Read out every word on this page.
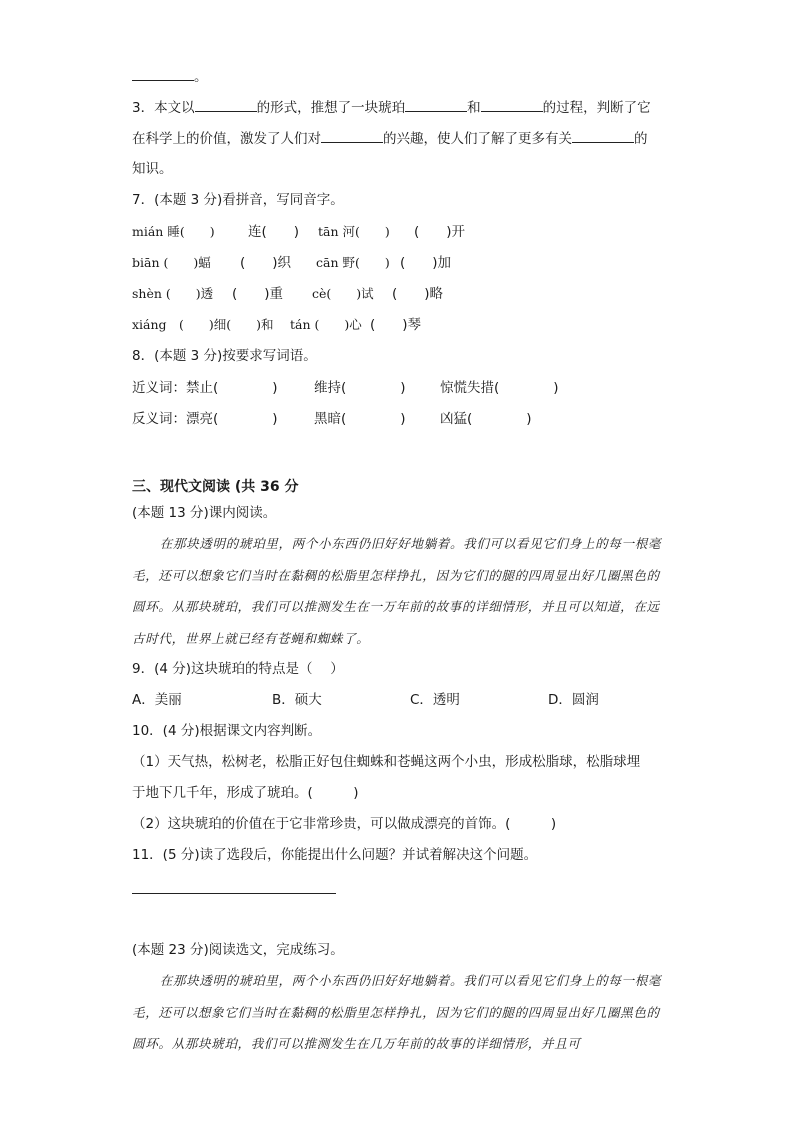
。
3．本文以	的形式，推想了一块琥珀	和	的过程，判断了它
在科学上的价值，激发了人们对	的兴趣，使人们了解了更多有关	的
知识。
7．(本题 3 分)看拼音，写同音字。
mián 睡(　　) 连(　　) tān 河(　　) (　　)开
biān (　　)蝠 (　　)织 cān 野(　　) (　　)加
shèn (　　)透 (　　)重 cè(　　)试 (　　)略
xiáng　(　　)细(　　)和 tán (　　)心 (　　)琴
8．(本题 3 分)按要求写词语。
近义词：禁止(　　　　)	维持(　　　　)	惊慌失措(　　　　)
反义词：漂亮(　　　　)	黑暗(　　　　)	凶猛(　　　　)
三、现代文阅读 (共 36 分
(本题 13 分)课内阅读。
在那块透明的琥珀里，两个小东西仍旧好好地躺着。我们可以看见它们身上的每一根毫毛，还可以想象它们当时在黏稠的松脂里怎样挣扎，因为它们的腿的四周显出好几圈黑色的圆环。从那块琥珀，我们可以推测发生在一万年前的故事的详细情形，并且可以知道，在远古时代，世界上就已经有苍蝇和蜘蛛了。
9．(4 分)这块琥珀的特点是（　 ）
A．美丽	B．硕大	C．透明	D．圆润
10．(4 分)根据课文内容判断。
（1）天气热，松树老，松脂正好包住蜘蛛和苍蝇这两个小虫，形成松脂球，松脂球埋
于地下几千年，形成了琥珀。(　　　)
（2）这块琥珀的价值在于它非常珍贵，可以做成漂亮的首饰。(　　　)
11．(5 分)读了选段后，你能提出什么问题？并试着解决这个问题。
(本题 23 分)阅读选文，完成练习。
在那块透明的琥珀里，两个小东西仍旧好好地躺着。我们可以看见它们身上的每一根毫毛，还可以想象它们当时在黏稠的松脂里怎样挣扎，因为它们的腿的四周显出好几圈黑色的圆环。从那块琥珀，我们可以推测发生在几万年前的故事的详细情形，并且可
